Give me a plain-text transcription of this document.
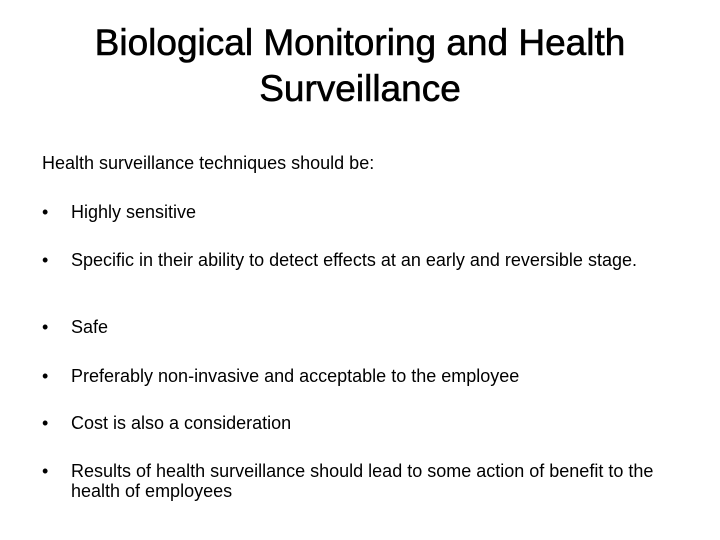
Biological Monitoring and Health
Surveillance

Health surveillance techniques should be:

•	Highly sensitive
•	Specific in their ability to detect effects at an early and reversible stage.
•	Safe
•	Preferably non-invasive and acceptable to the employee
•	Cost is also a consideration
•	Results of health surveillance should lead to some action of benefit to the health of employees
